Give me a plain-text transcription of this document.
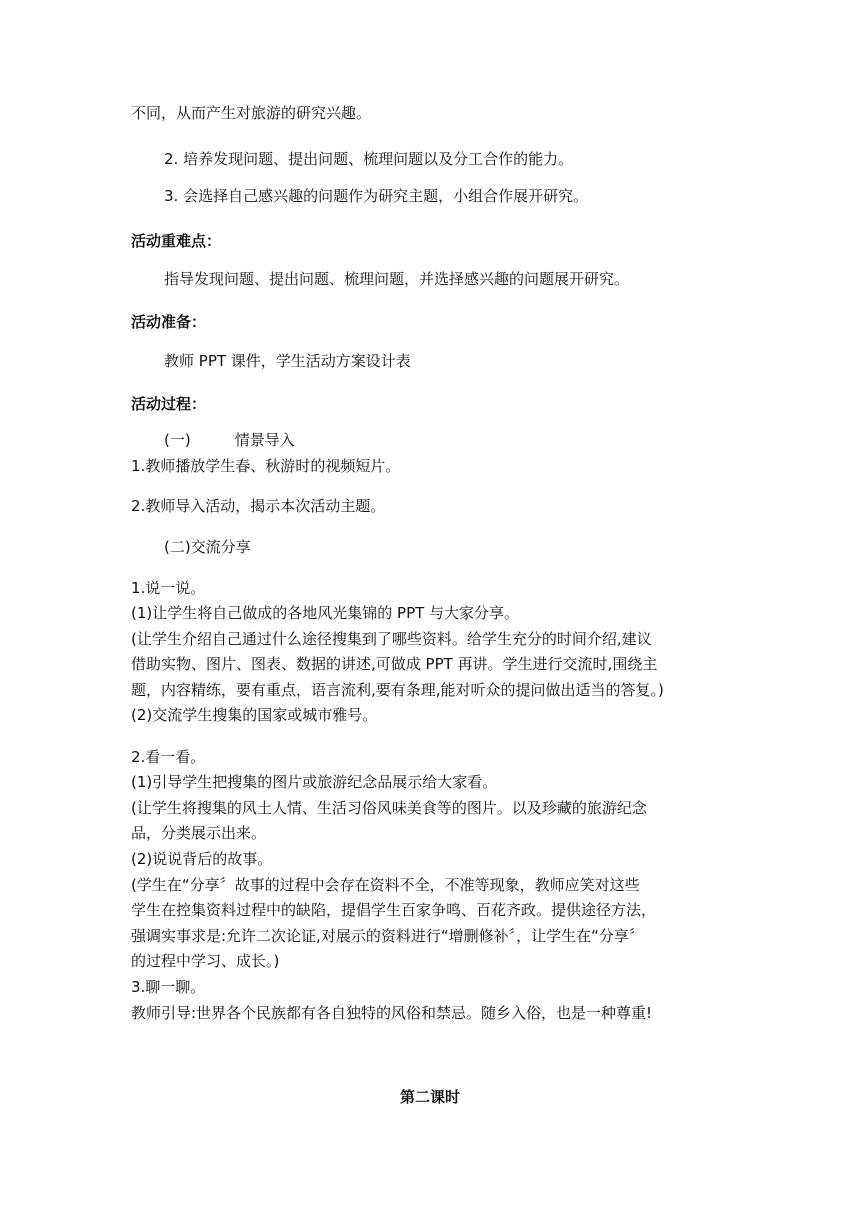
不同，从而产生对旅游的研究兴趣。
2. 培养发现问题、提出问题、梳理问题以及分工合作的能力。
3. 会选择自己感兴趣的问题作为研究主题，小组合作展开研究。
活动重难点：
指导发现问题、提出问题、梳理问题，并选择感兴趣的问题展开研究。
活动准备：
教师 PPT 课件，学生活动方案设计表
活动过程：
(一)	情景导入
1.教师播放学生春、秋游时的视频短片。
2.教师导入活动，揭示本次活动主题。
(二)交流分享
1.说一说。
(1)让学生将自己做成的各地风光集锦的 PPT 与大家分享。
(让学生介绍自己通过什么途径搜集到了哪些资料。给学生充分的时间介绍,建议
借助实物、图片、图表、数据的讲述,可做成 PPT 再讲。学生进行交流时,围绕主
题，内容精练，要有重点，语言流利,要有条理,能对听众的提问做出适当的答复。)
(2)交流学生搜集的国家或城市雅号。
2.看一看。
(1)引导学生把搜集的图片或旅游纪念品展示给大家看。
(让学生将搜集的风土人情、生活习俗风味美食等的图片。以及珍藏的旅游纪念
品，分类展示出来。
(2)说说背后的故事。
(学生在“分享〞故事的过程中会存在资料不全，不准等现象，教师应笑对这些
学生在控集资料过程中的缺陷，提倡学生百家争鸣、百花齐政。提供途径方法，
强调实事求是:允许二次论证,对展示的资料进行“增删修补〞，让学生在“分享〞
的过程中学习、成长。)
3.聊一聊。
教师引导:世界各个民族都有各自独特的风俗和禁忌。随乡入俗，也是一种尊重!
第二课时
